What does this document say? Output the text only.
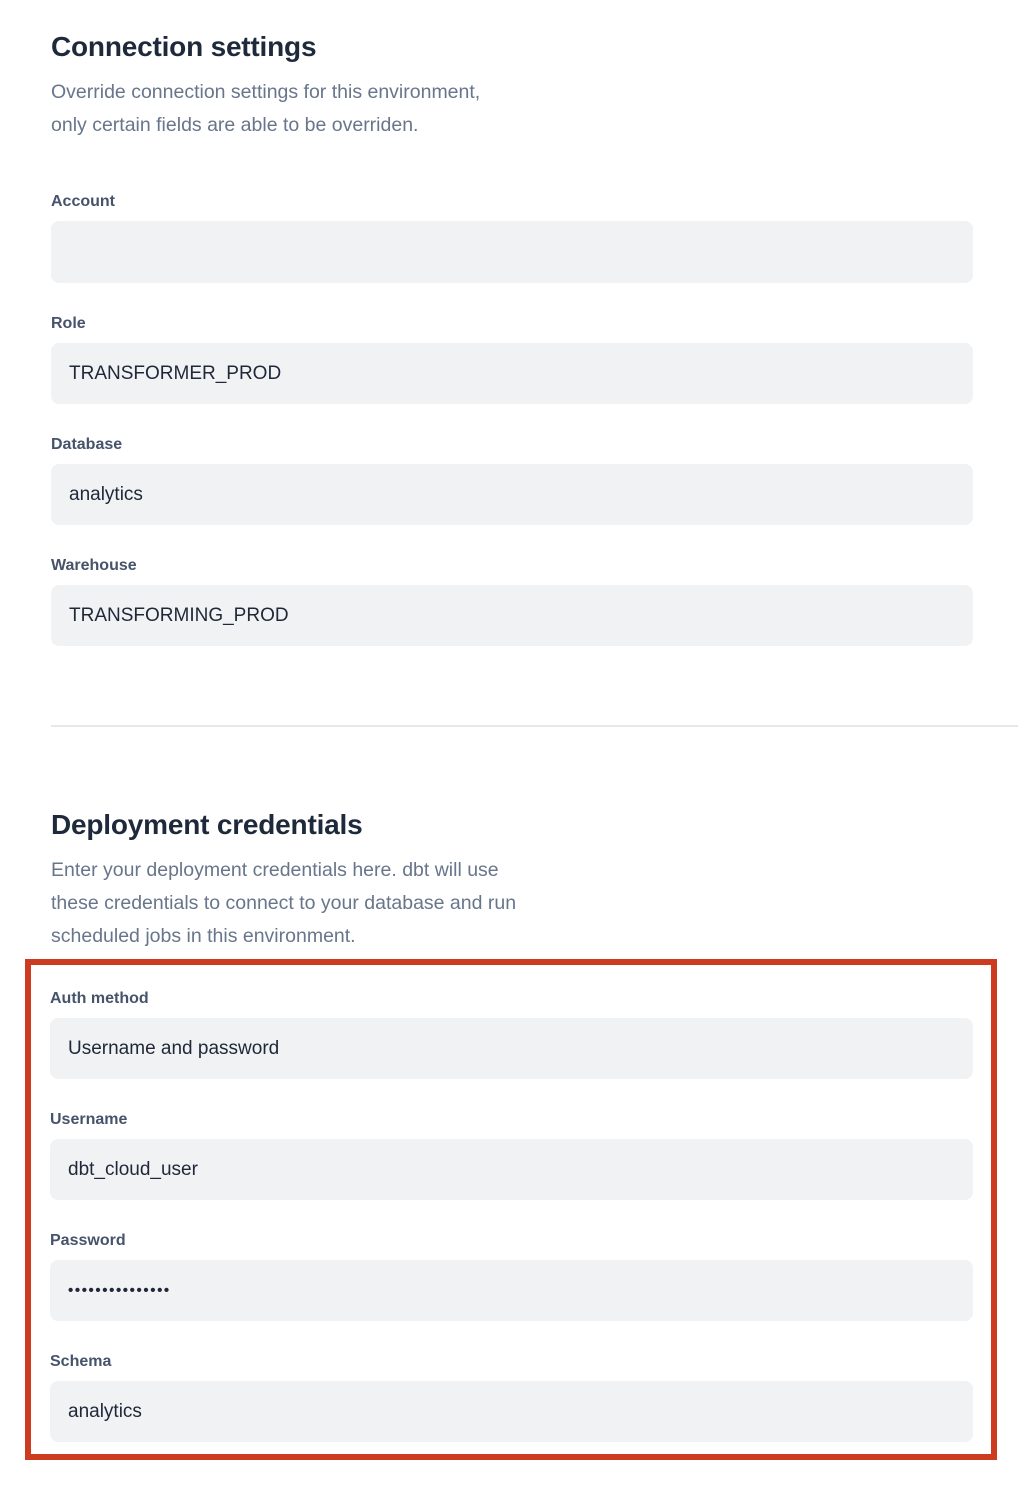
Connection settings

Override connection settings for this environment,
only certain fields are able to be overriden.

Account
Role
TRANSFORMER_PROD
Database
analytics
Warehouse
TRANSFORMING_PROD
Deployment credentials

Enter your deployment credentials here. dbt will use
these credentials to connect to your database and run
scheduled jobs in this environment.

Auth method
Username and password
Username
dbt_cloud_user
Password
•••••••••••••••
Schema
analytics
